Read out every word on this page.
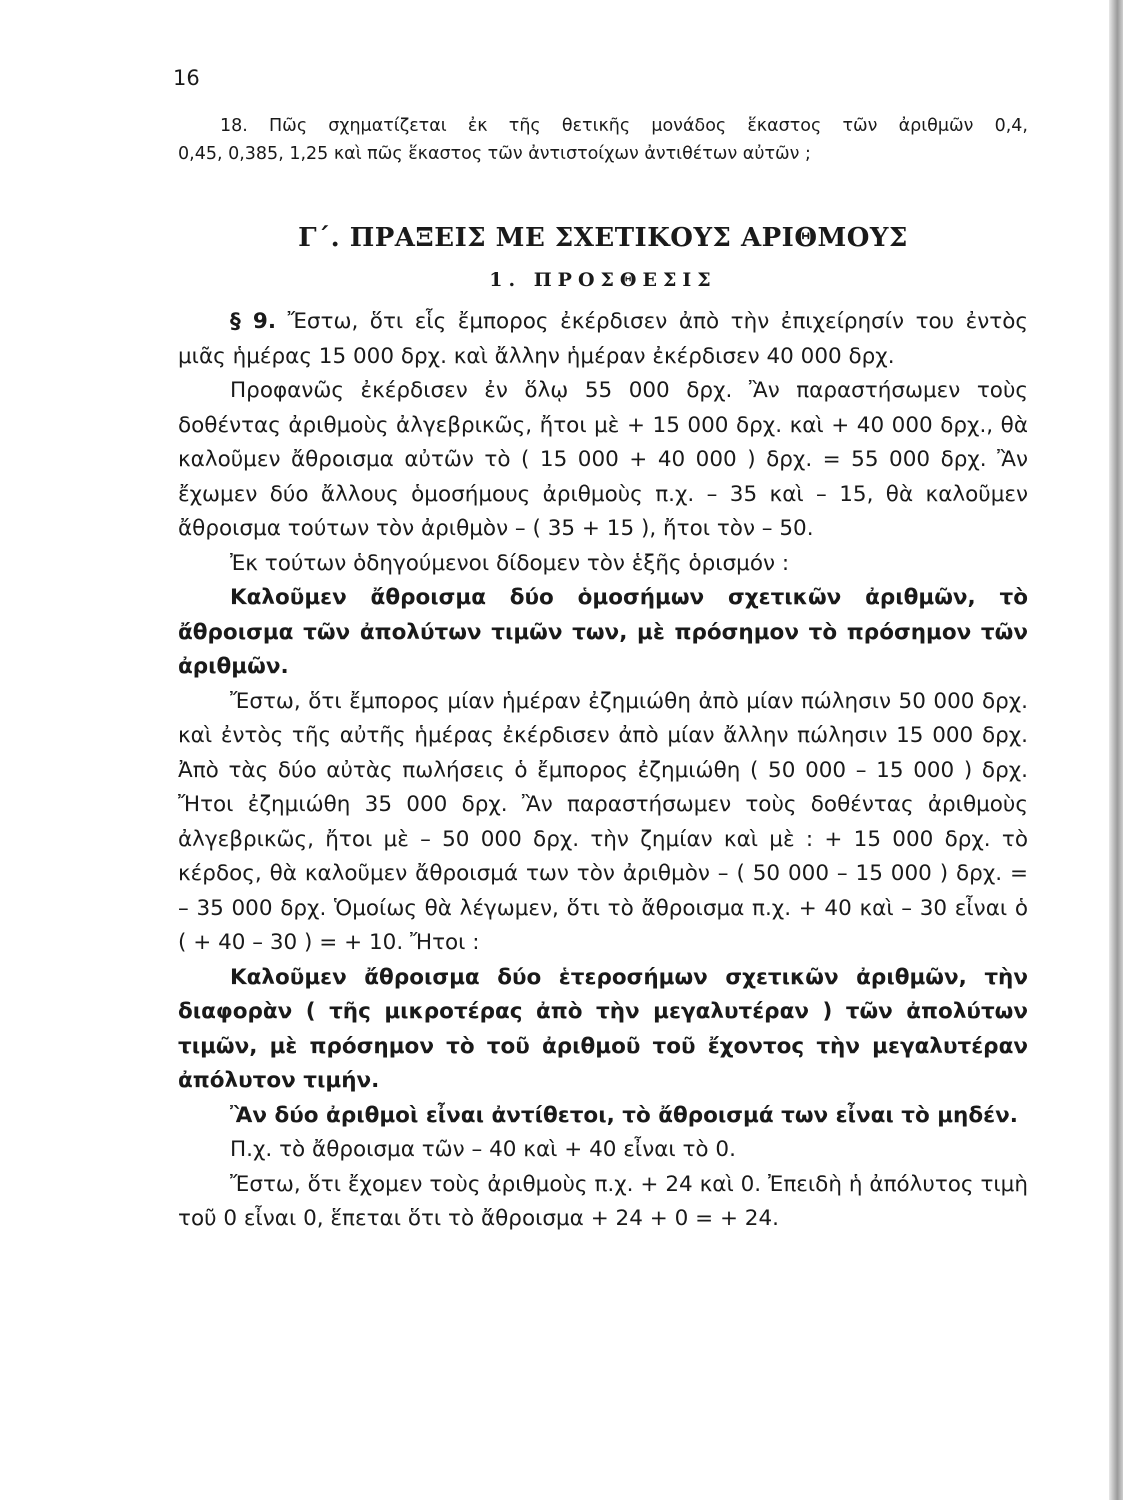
16
18. Πῶς σχηματίζεται ἐκ τῆς θετικῆς μονάδος ἕκαστος τῶν ἀριθμῶν 0,4,
0,45, 0,385, 1,25 καὶ πῶς ἕκαστος τῶν ἀντιστοίχων ἀντιθέτων αὐτῶν ;
Γ΄. ΠΡΑΞΕΙΣ ΜΕ ΣΧΕΤΙΚΟΥΣ ΑΡΙΘΜΟΥΣ
1. ΠΡΟΣΘΕΣΙΣ

§ 9. Ἔστω, ὅτι εἷς ἔμπορος ἐκέρδισεν ἀπὸ τὴν ἐπιχείρησίν του ἐντὸς μιᾶς ἡμέρας 15 000 δρχ. καὶ ἄλλην ἡμέραν ἐκέρδισεν 40 000 δρχ.

Προφανῶς ἐκέρδισεν ἐν ὅλῳ 55 000 δρχ. Ἂν παραστήσωμεν τοὺς δοθέντας ἀριθμοὺς ἀλγεβρικῶς, ἤτοι μὲ + 15 000 δρχ. καὶ + 40 000 δρχ., θὰ καλοῦμεν ἄθροισμα αὐτῶν τὸ ( 15 000 + 40 000 ) δρχ. = 55 000 δρχ. Ἂν ἔχωμεν δύο ἄλλους ὁμοσήμους ἀριθμοὺς π.χ. – 35 καὶ – 15, θὰ καλοῦμεν ἄθροισμα τούτων τὸν ἀριθμὸν – ( 35 + 15 ), ἤτοι τὸν – 50.

Ἐκ τούτων ὁδηγούμενοι δίδομεν τὸν ἑξῆς ὁρισμόν :

Καλοῦμεν ἄθροισμα δύο ὁμοσήμων σχετικῶν ἀριθμῶν, τὸ ἄθροισμα τῶν ἀπολύτων τιμῶν των, μὲ πρόσημον τὸ πρόσημον τῶν ἀριθμῶν.

Ἔστω, ὅτι ἔμπορος μίαν ἡμέραν ἐζημιώθη ἀπὸ μίαν πώλησιν 50 000 δρχ. καὶ ἐντὸς τῆς αὐτῆς ἡμέρας ἐκέρδισεν ἀπὸ μίαν ἄλλην πώλησιν 15 000 δρχ. Ἀπὸ τὰς δύο αὐτὰς πωλήσεις ὁ ἔμπορος ἐζημιώθη ( 50 000 – 15 000 ) δρχ. Ἤτοι ἐζημιώθη 35 000 δρχ. Ἂν παραστήσωμεν τοὺς δοθέντας ἀριθμοὺς ἀλγεβρικῶς, ἤτοι μὲ – 50 000 δρχ. τὴν ζημίαν καὶ μὲ : + 15 000 δρχ. τὸ κέρδος, θὰ καλοῦμεν ἄθροισμά των τὸν ἀριθμὸν – ( 50 000 – 15 000 ) δρχ. = – 35 000 δρχ. Ὁμοίως θὰ λέγωμεν, ὅτι τὸ ἄθροισμα π.χ. + 40 καὶ – 30 εἶναι ὁ ( + 40 – 30 ) = + 10. Ἤτοι :

Καλοῦμεν ἄθροισμα δύο ἑτεροσήμων σχετικῶν ἀριθμῶν, τὴν διαφορὰν ( τῆς μικροτέρας ἀπὸ τὴν μεγαλυτέραν ) τῶν ἀπολύτων τιμῶν, μὲ πρόσημον τὸ τοῦ ἀριθμοῦ τοῦ ἔχοντος τὴν μεγαλυτέραν ἀπόλυτον τιμήν.

Ἂν δύο ἀριθμοὶ εἶναι ἀντίθετοι, τὸ ἄθροισμά των εἶναι τὸ μηδέν.

Π.χ. τὸ ἄθροισμα τῶν – 40 καὶ + 40 εἶναι τὸ 0.

Ἔστω, ὅτι ἔχομεν τοὺς ἀριθμοὺς π.χ. + 24 καὶ 0. Ἐπειδὴ ἡ ἀπόλυτος τιμὴ τοῦ 0 εἶναι 0, ἕπεται ὅτι τὸ ἄθροισμα + 24 + 0 = + 24.
